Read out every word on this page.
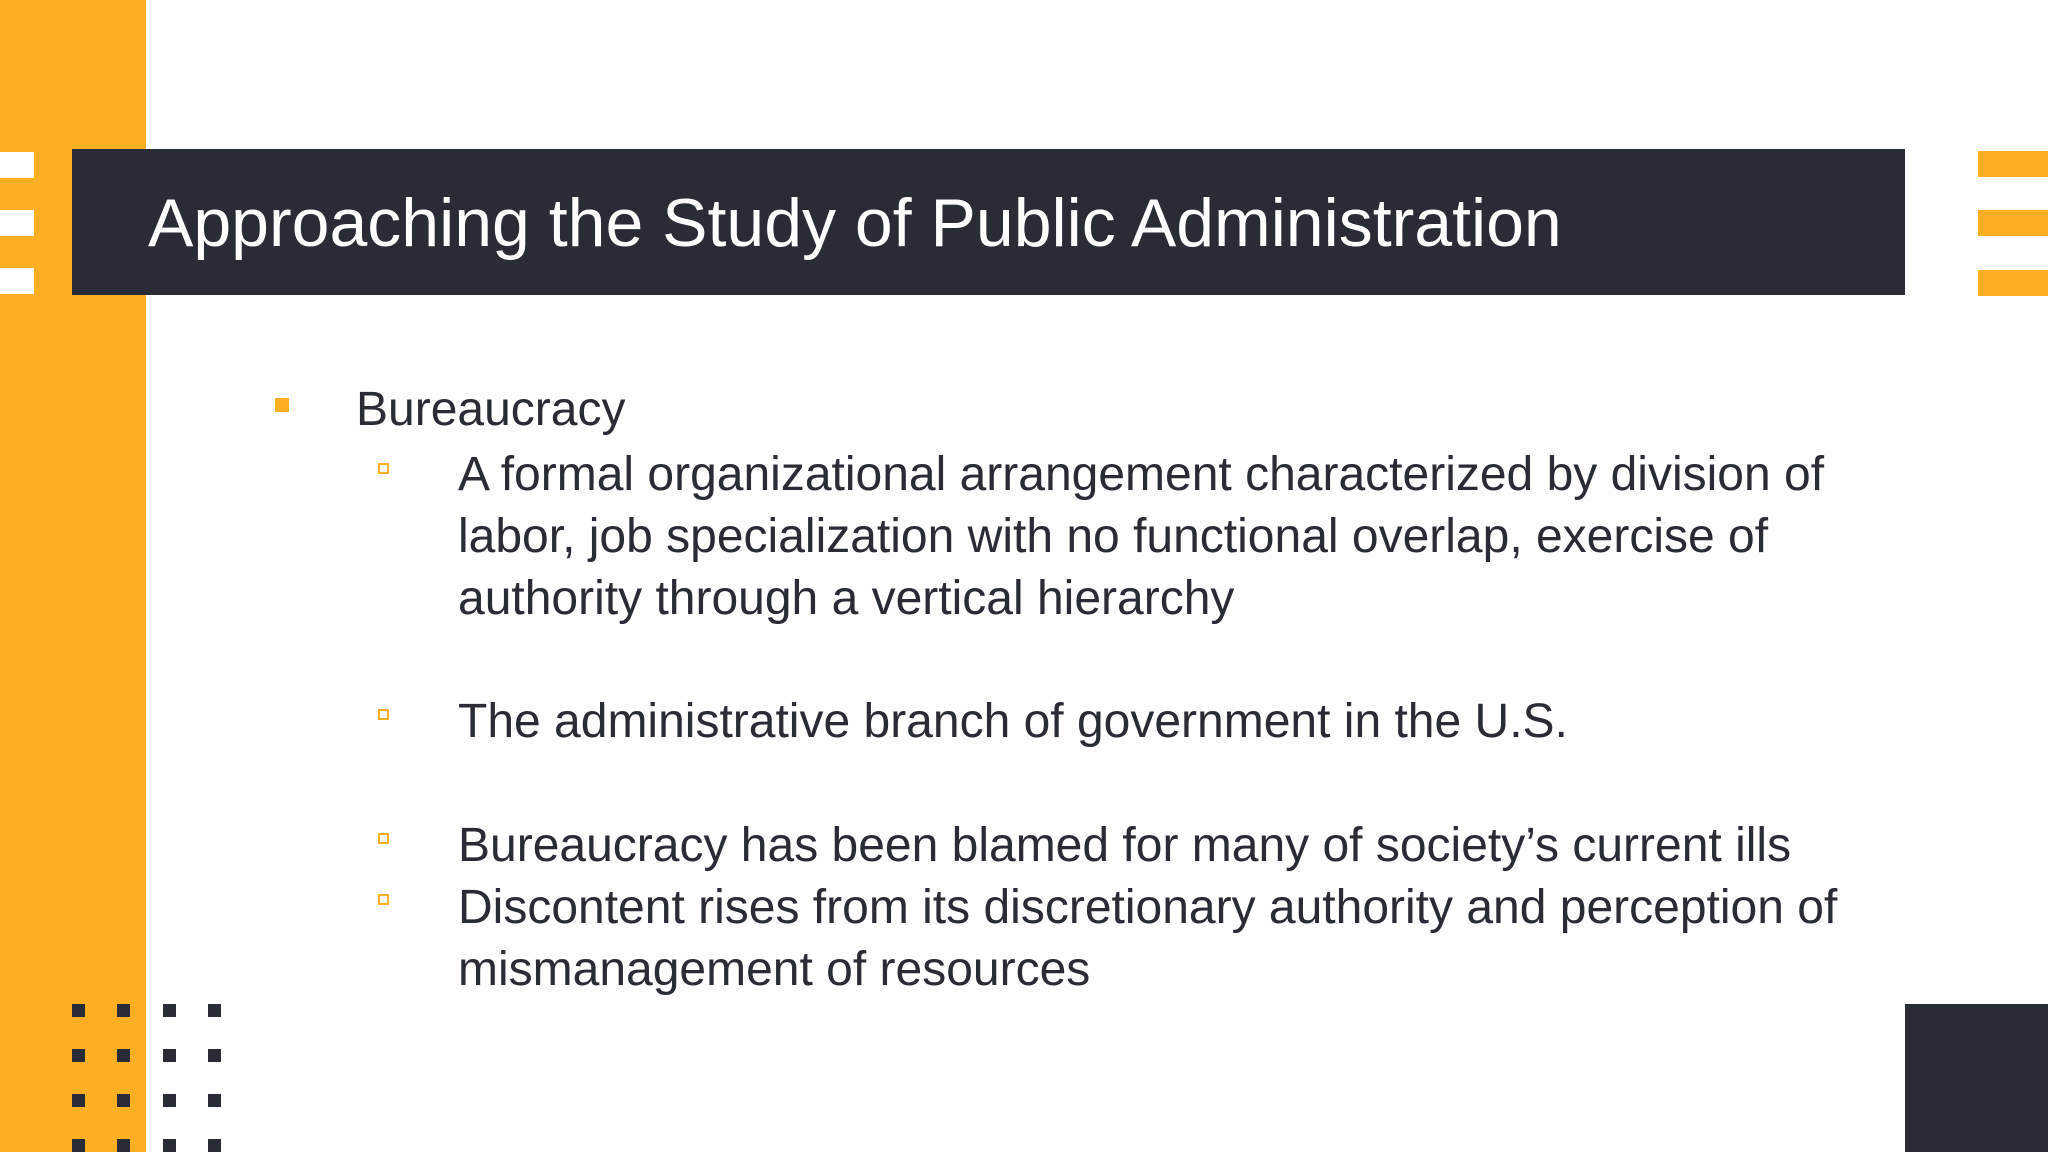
Approaching the Study of Public Administration
Bureaucracy

A formal organizational arrangement characterized by division of labor, job specialization with no functional overlap, exercise of authority through a vertical hierarchy

The administrative branch of government in the U.S.

Bureaucracy has been blamed for many of society’s current ills

Discontent rises from its discretionary authority and perception of mismanagement of resources
